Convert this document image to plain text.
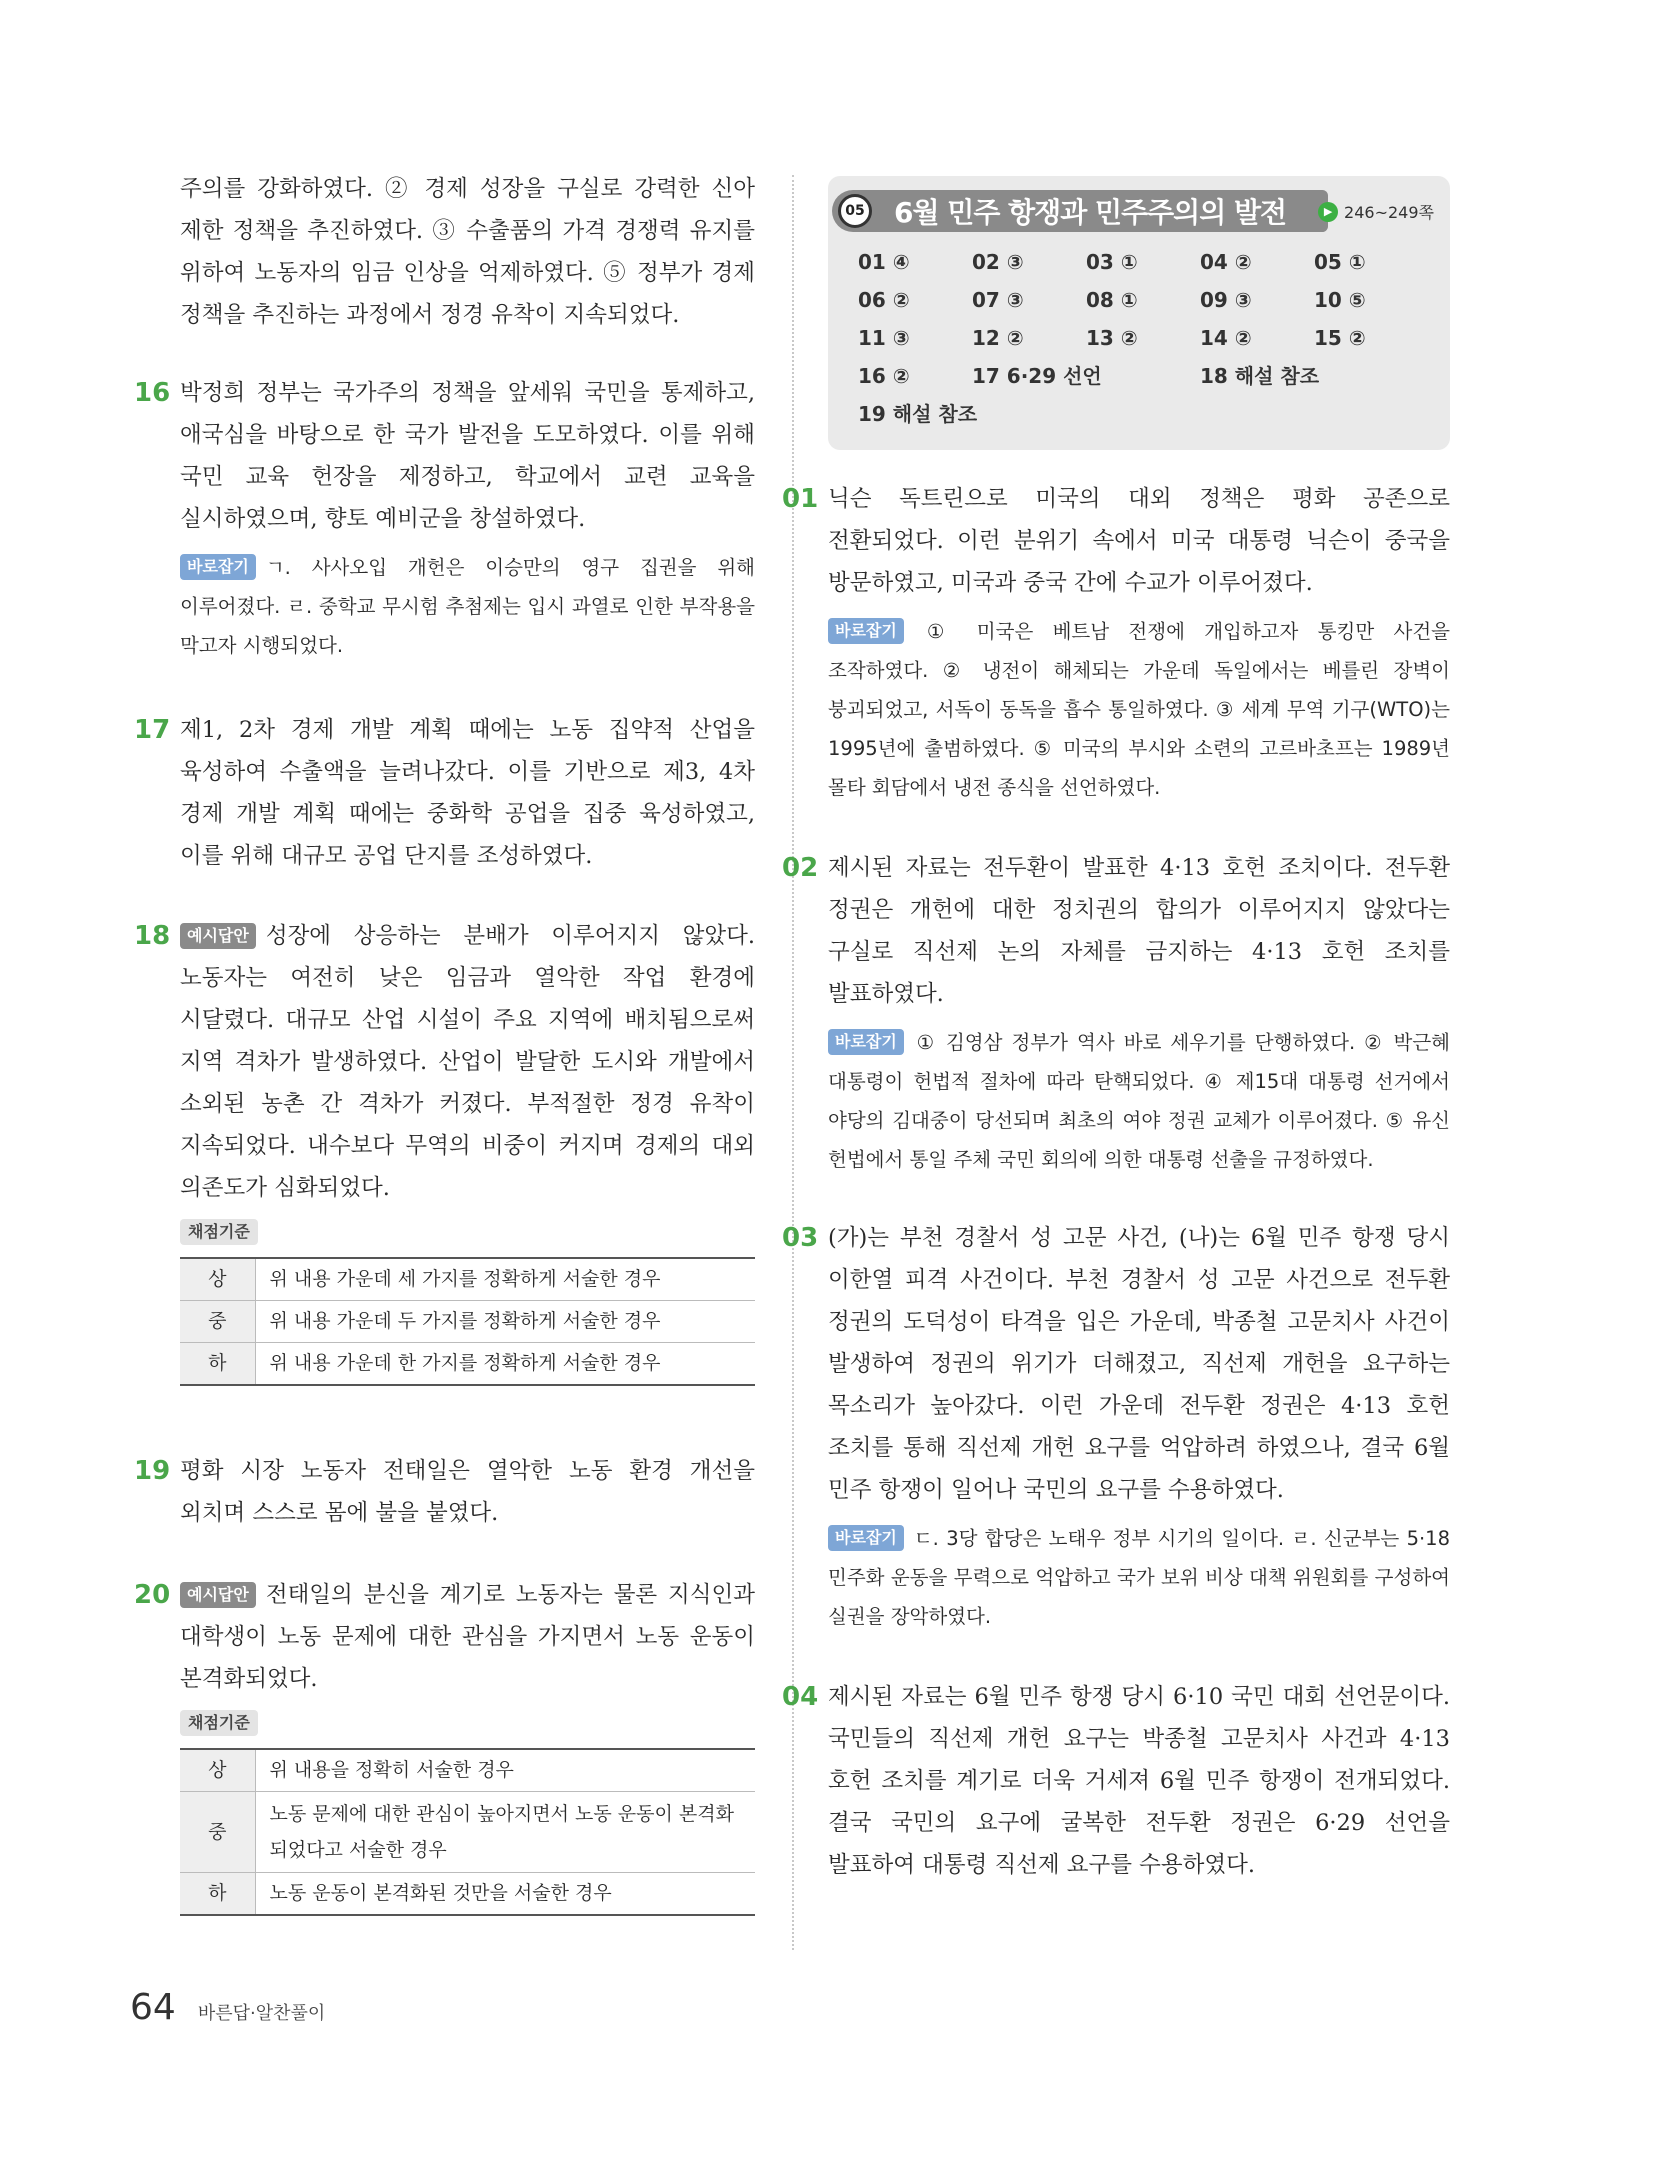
주의를 강화하였다. ② 경제 성장을 구실로 강력한 신아 제한 정책을 추진하였다. ③ 수출품의 가격 경쟁력 유지를 위하여 노동자의 임금 인상을 억제하였다. ⑤ 정부가 경제 정책을 추진하는 과정에서 정경 유착이 지속되었다.

16 박정희 정부는 국가주의 정책을 앞세워 국민을 통제하고, 애국심을 바탕으로 한 국가 발전을 도모하였다. 이를 위해 국민 교육 헌장을 제정하고, 학교에서 교련 교육을 실시하였으며, 향토 예비군을 창설하였다.

바로잡기 ㄱ. 사사오입 개헌은 이승만의 영구 집권을 위해 이루어졌다. ㄹ. 중학교 무시험 추첨제는 입시 과열로 인한 부작용을 막고자 시행되었다.
17 제1, 2차 경제 개발 계획 때에는 노동 집약적 산업을 육성하여 수출액을 늘려나갔다. 이를 기반으로 제3, 4차 경제 개발 계획 때에는 중화학 공업을 집중 육성하였고, 이를 위해 대규모 공업 단지를 조성하였다.

18	예시답안 성장에 상응하는 분배가 이루어지지 않았다. 노동자는 여전히 낮은 임금과 열악한 작업 환경에 시달렸다. 대규모 산업 시설이 주요 지역에 배치됨으로써 지역 격차가 발생하였다. 산업이 발달한 도시와 개발에서 소외된 농촌 간 격차가 커졌다. 부적절한 정경 유착이 지속되었다. 내수보다 무역의 비중이 커지며 경제의 대외 의존도가 심화되었다.

채점기준
상	위 내용 가운데 세 가지를 정확하게 서술한 경우
중	위 내용 가운데 두 가지를 정확하게 서술한 경우
하	위 내용 가운데 한 가지를 정확하게 서술한 경우
19 평화 시장 노동자 전태일은 열악한 노동 환경 개선을 외치며 스스로 몸에 불을 붙였다.

20	예시답안 전태일의 분신을 계기로 노동자는 물론 지식인과 대학생이 노동 문제에 대한 관심을 가지면서 노동 운동이 본격화되었다.

채점기준
상	위 내용을 정확히 서술한 경우
중	노동 문제에 대한 관심이 높아지면서 노동 운동이 본격화되었다고 서술한 경우
하	노동 운동이 본격화된 것만을 서술한 경우
05 6월 민주 항쟁과 민주주의의 발전	▶ 246~249쪽
01 ④	02 ③	03 ①	04 ②	05 ①
06 ②	07 ③	08 ①	09 ③	10 ⑤
11 ③	12 ②	13 ②	14 ②	15 ②
16 ②	17 6·29 선언	18 해설 참조
19 해설 참조
01 닉슨 독트린으로 미국의 대외 정책은 평화 공존으로 전환되었다. 이런 분위기 속에서 미국 대통령 닉슨이 중국을 방문하였고, 미국과 중국 간에 수교가 이루어졌다.

바로잡기 ① 미국은 베트남 전쟁에 개입하고자 통킹만 사건을 조작하였다. ② 냉전이 해체되는 가운데 독일에서는 베를린 장벽이 붕괴되었고, 서독이 동독을 흡수 통일하였다. ③ 세계 무역 기구(WTO)는 1995년에 출범하였다. ⑤ 미국의 부시와 소련의 고르바초프는 1989년 몰타 회담에서 냉전 종식을 선언하였다.
02 제시된 자료는 전두환이 발표한 4·13 호헌 조치이다. 전두환 정권은 개헌에 대한 정치권의 합의가 이루어지지 않았다는 구실로 직선제 논의 자체를 금지하는 4·13 호헌 조치를 발표하였다.

바로잡기 ① 김영삼 정부가 역사 바로 세우기를 단행하였다. ② 박근혜 대통령이 헌법적 절차에 따라 탄핵되었다. ④ 제15대 대통령 선거에서 야당의 김대중이 당선되며 최초의 여야 정권 교체가 이루어졌다. ⑤ 유신 헌법에서 통일 주체 국민 회의에 의한 대통령 선출을 규정하였다.
03 (가)는 부천 경찰서 성 고문 사건, (나)는 6월 민주 항쟁 당시 이한열 피격 사건이다. 부천 경찰서 성 고문 사건으로 전두환 정권의 도덕성이 타격을 입은 가운데, 박종철 고문치사 사건이 발생하여 정권의 위기가 더해졌고, 직선제 개헌을 요구하는 목소리가 높아갔다. 이런 가운데 전두환 정권은 4·13 호헌 조치를 통해 직선제 개헌 요구를 억압하려 하였으나, 결국 6월 민주 항쟁이 일어나 국민의 요구를 수용하였다.

바로잡기 ㄷ. 3당 합당은 노태우 정부 시기의 일이다. ㄹ. 신군부는 5·18 민주화 운동을 무력으로 억압하고 국가 보위 비상 대책 위원회를 구성하여 실권을 장악하였다.
04 제시된 자료는 6월 민주 항쟁 당시 6·10 국민 대회 선언문이다. 국민들의 직선제 개헌 요구는 박종철 고문치사 사건과 4·13 호헌 조치를 계기로 더욱 거세져 6월 민주 항쟁이 전개되었다. 결국 국민의 요구에 굴복한 전두환 정권은 6·29 선언을 발표하여 대통령 직선제 요구를 수용하였다.

64 바른답·알찬풀이
